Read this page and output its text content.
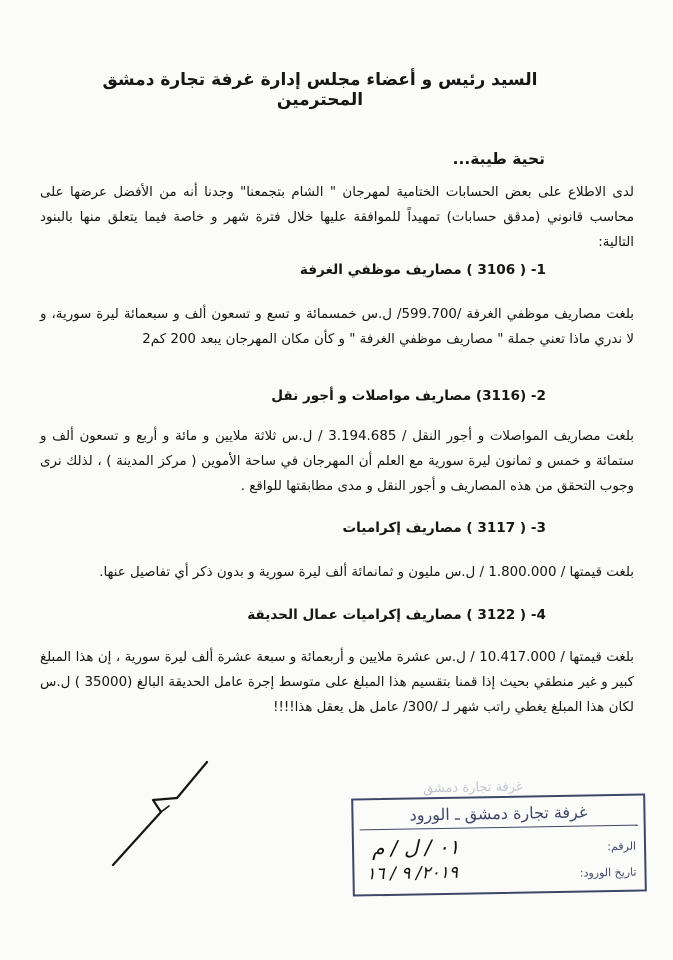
السيد رئيس و أعضاء مجلس إدارة غرفة تجارة دمشق المحترمين

تحية طيبة...

لدى الاطلاع على بعض الحسابات الختامية لمهرجان " الشام بتجمعنا" وجدنا أنه من الأفضل عرضها على محاسب قانوني (مدقق حسابات) تمهيداً للموافقة عليها خلال فترة شهر و خاصة فيما يتعلق منها بالبنود التالية:

1- ( 3106 ) مصاريف موظفي الغرفة

بلغت مصاريف موظفي الغرفة /599.700/ ل.س خمسمائة و تسع و تسعون ألف و سبعمائة ليرة سورية، و لا ندري ماذا تعني جملة " مصاريف موظفي الغرفة " و كأن مكان المهرجان يبعد 200 كم2

2- (3116) مصاريف مواصلات و أجور نقل

بلغت مصاريف المواصلات و أجور النقل / 3.194.685 / ل.س ثلاثة ملايين و مائة و أربع و تسعون ألف و ستمائة و خمس و ثمانون ليرة سورية مع العلم أن المهرجان في ساحة الأموين ( مركز المدينة ) ، لذلك نرى وجوب التحقق من هذه المصاريف و أجور النقل و مدى مطابقتها للواقع .

3- ( 3117 ) مصاريف إكراميات

بلغت قيمتها / 1.800.000 / ل.س مليون و ثمانمائة ألف ليرة سورية و بدون ذكر أي تفاصيل عنها.

4- ( 3122 ) مصاريف إكراميات عمال الحديقة

بلغت قيمتها / 10.417.000 / ل.س عشرة ملايين و أربعمائة و سبعة عشرة ألف ليرة سورية ، إن هذا المبلغ كبير و غير منطقي بحيث إذا قمنا بتقسيم هذا المبلغ على متوسط إجرة عامل الحديقة البالغ (35000 ) ل.س لكان هذا المبلغ يغطي راتب شهر لـ /300/ عامل هل يعقل هذا!!!!

غرفة تجارة دمشق
غرفة تجارة دمشق ـ الورود
الرقم:
٠١ / ل / م
تاريخ الورود:
٢٠١٩/ ٩ / ١٦
